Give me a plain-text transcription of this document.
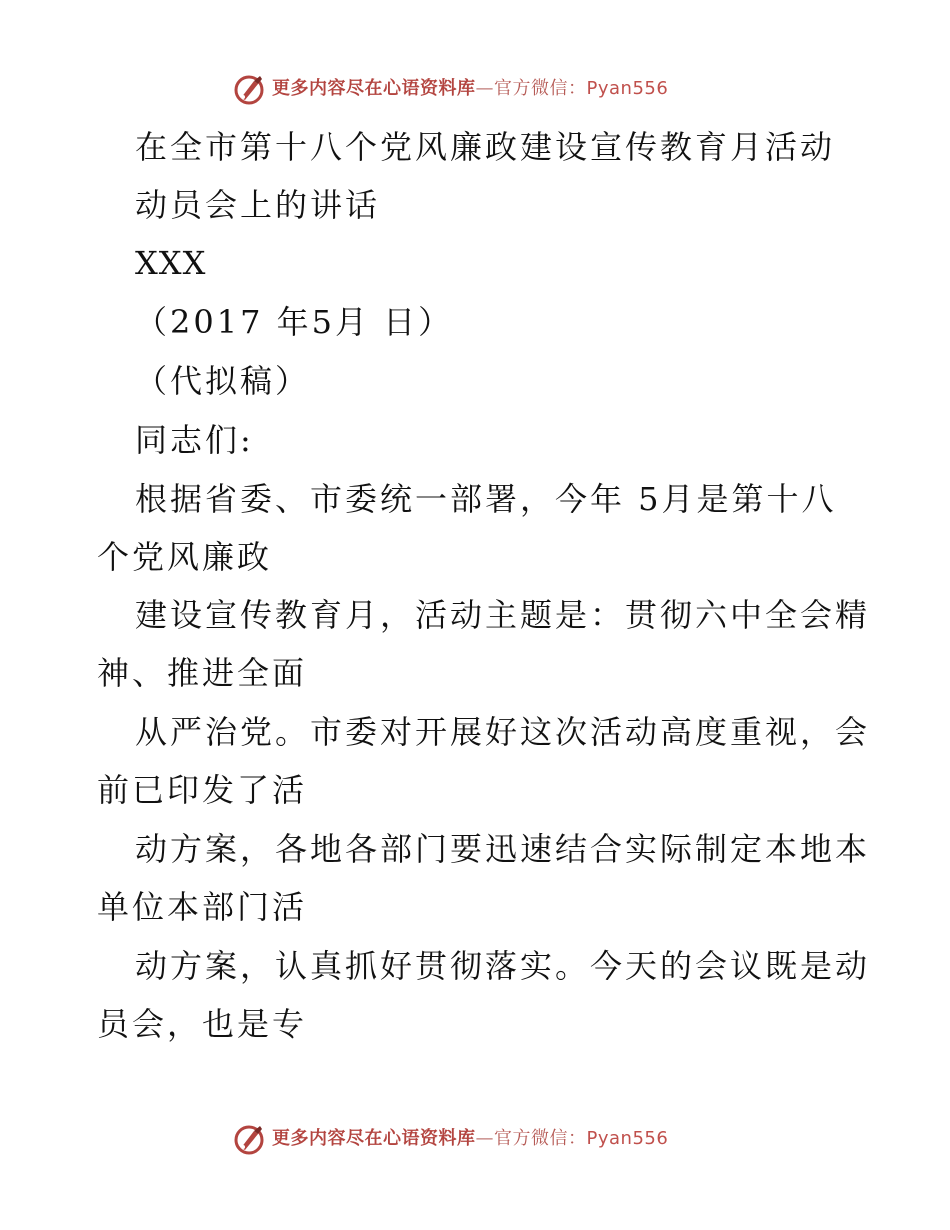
更多内容尽在心语资料库—官方微信：Pyan556
在全市第十八个党风廉政建设宣传教育月活动
动员会上的讲话
XXX
（2017 年5月 日）
（代拟稿）
同志们:
根据省委、市委统一部署，今年 5月是第十八
个党风廉政
建设宣传教育月，活动主题是：贯彻六中全会精
神、推进全面
从严治党。市委对开展好这次活动高度重视，会
前已印发了活
动方案，各地各部门要迅速结合实际制定本地本
单位本部门活
动方案，认真抓好贯彻落实。今天的会议既是动
员会，也是专
更多内容尽在心语资料库—官方微信：Pyan556
